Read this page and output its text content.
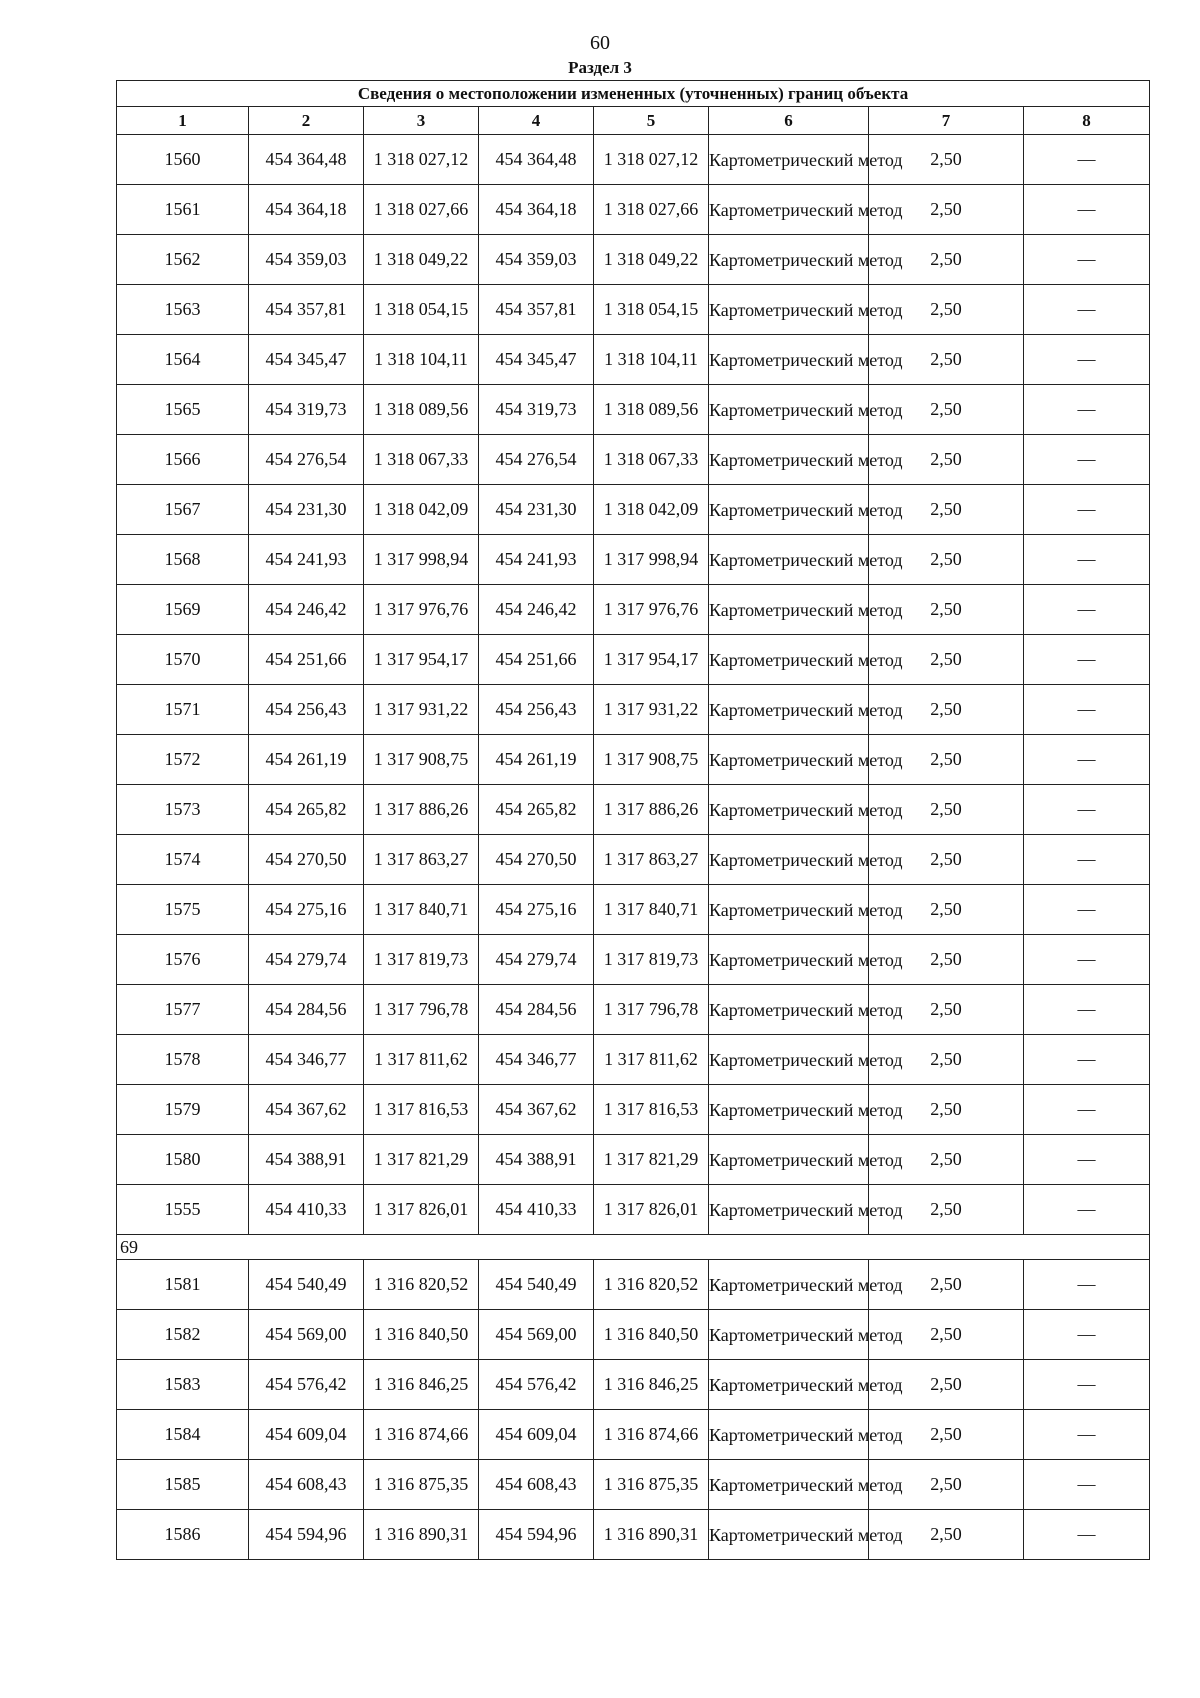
60
Раздел 3
Сведения о местоположении измененных (уточненных) границ объекта							
1	2	3	4	5	6	7	8
1560	454 364,48	1 318 027,12	454 364,48	1 318 027,12	Картометрический метод	2,50	—
1561	454 364,18	1 318 027,66	454 364,18	1 318 027,66	Картометрический метод	2,50	—
1562	454 359,03	1 318 049,22	454 359,03	1 318 049,22	Картометрический метод	2,50	—
1563	454 357,81	1 318 054,15	454 357,81	1 318 054,15	Картометрический метод	2,50	—
1564	454 345,47	1 318 104,11	454 345,47	1 318 104,11	Картометрический метод	2,50	—
1565	454 319,73	1 318 089,56	454 319,73	1 318 089,56	Картометрический метод	2,50	—
1566	454 276,54	1 318 067,33	454 276,54	1 318 067,33	Картометрический метод	2,50	—
1567	454 231,30	1 318 042,09	454 231,30	1 318 042,09	Картометрический метод	2,50	—
1568	454 241,93	1 317 998,94	454 241,93	1 317 998,94	Картометрический метод	2,50	—
1569	454 246,42	1 317 976,76	454 246,42	1 317 976,76	Картометрический метод	2,50	—
1570	454 251,66	1 317 954,17	454 251,66	1 317 954,17	Картометрический метод	2,50	—
1571	454 256,43	1 317 931,22	454 256,43	1 317 931,22	Картометрический метод	2,50	—
1572	454 261,19	1 317 908,75	454 261,19	1 317 908,75	Картометрический метод	2,50	—
1573	454 265,82	1 317 886,26	454 265,82	1 317 886,26	Картометрический метод	2,50	—
1574	454 270,50	1 317 863,27	454 270,50	1 317 863,27	Картометрический метод	2,50	—
1575	454 275,16	1 317 840,71	454 275,16	1 317 840,71	Картометрический метод	2,50	—
1576	454 279,74	1 317 819,73	454 279,74	1 317 819,73	Картометрический метод	2,50	—
1577	454 284,56	1 317 796,78	454 284,56	1 317 796,78	Картометрический метод	2,50	—
1578	454 346,77	1 317 811,62	454 346,77	1 317 811,62	Картометрический метод	2,50	—
1579	454 367,62	1 317 816,53	454 367,62	1 317 816,53	Картометрический метод	2,50	—
1580	454 388,91	1 317 821,29	454 388,91	1 317 821,29	Картометрический метод	2,50	—
1555	454 410,33	1 317 826,01	454 410,33	1 317 826,01	Картометрический метод	2,50	—
69							
1581	454 540,49	1 316 820,52	454 540,49	1 316 820,52	Картометрический метод	2,50	—
1582	454 569,00	1 316 840,50	454 569,00	1 316 840,50	Картометрический метод	2,50	—
1583	454 576,42	1 316 846,25	454 576,42	1 316 846,25	Картометрический метод	2,50	—
1584	454 609,04	1 316 874,66	454 609,04	1 316 874,66	Картометрический метод	2,50	—
1585	454 608,43	1 316 875,35	454 608,43	1 316 875,35	Картометрический метод	2,50	—
1586	454 594,96	1 316 890,31	454 594,96	1 316 890,31	Картометрический метод	2,50	—
